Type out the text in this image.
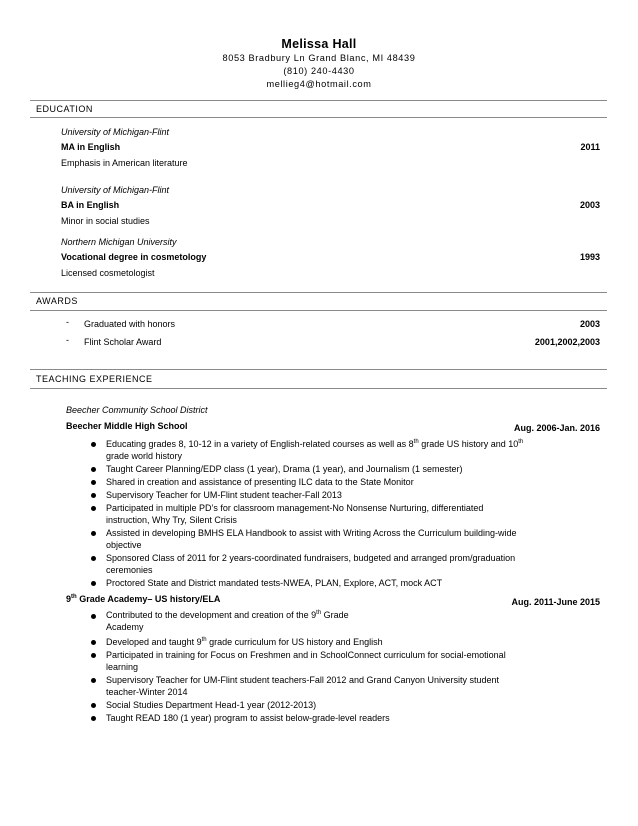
Melissa Hall
8053 Bradbury Ln Grand Blanc, MI 48439
(810) 240-4430
mellieg4@hotmail.com
EDUCATION
University of Michigan-Flint
MA in English	2011
Emphasis in American literature
University of Michigan-Flint
BA in English	2003
Minor in social studies
Northern Michigan University
Vocational degree in cosmetology	1993
Licensed cosmetologist
AWARDS
- Graduated with honors	2003
- Flint Scholar Award	2001,2002,2003
TEACHING EXPERIENCE
Beecher Community School District
Beecher Middle High School	Aug. 2006-Jan. 2016
Educating grades 8, 10-12 in a variety of English-related courses as well as 8th grade US history and 10th
grade world history
Taught Career Planning/EDP class (1 year), Drama (1 year), and Journalism (1 semester)
Shared in creation and assistance of presenting ILC data to the State Monitor
Supervisory Teacher for UM-Flint student teacher-Fall 2013
Participated in multiple PD’s for classroom management-No Nonsense Nurturing, differentiated
instruction, Why Try, Silent Crisis
Assisted in developing BMHS ELA Handbook to assist with Writing Across the Curriculum building-wide
objective
Sponsored Class of 2011 for 2 years-coordinated fundraisers, budgeted and arranged prom/graduation
ceremonies
Proctored State and District mandated tests-NWEA, PLAN, Explore, ACT, mock ACT
9th Grade Academy– US history/ELA	Aug. 2011-June 2015
Contributed to the development and creation of the 9th Grade
Academy
Developed and taught 9th grade curriculum for US history and English
Participated in training for Focus on Freshmen and in SchoolConnect curriculum for social-emotional
learning
Supervisory Teacher for UM-Flint student teachers-Fall 2012 and Grand Canyon University student
teacher-Winter 2014
Social Studies Department Head-1 year (2012-2013)
Taught READ 180 (1 year) program to assist below-grade-level readers
